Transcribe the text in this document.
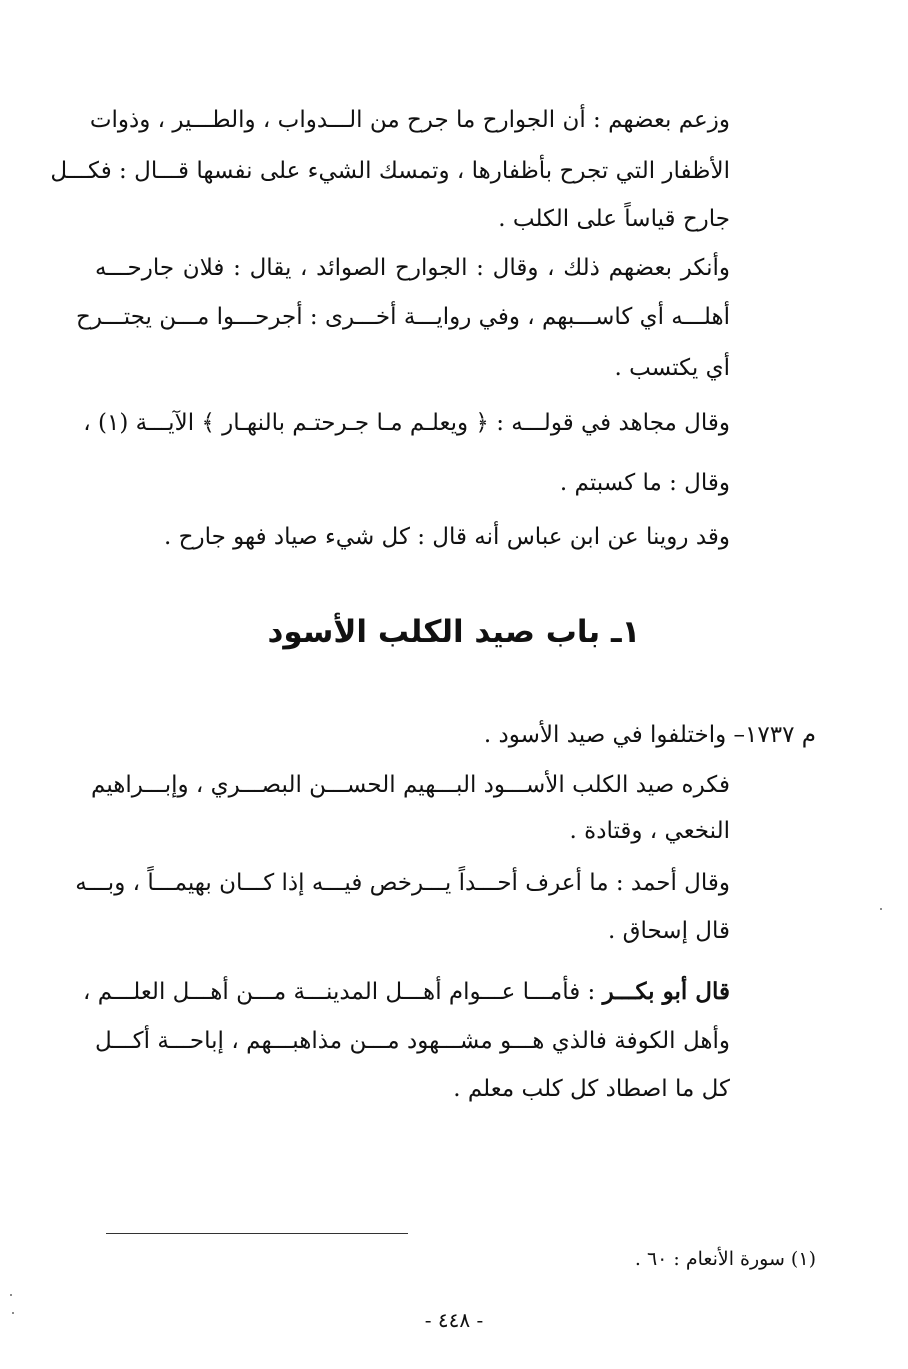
وزعم بعضهم : أن الجوارح ما جرح من الـــدواب ، والطـــير ، وذوات
الأظفار التي تجرح بأظفارها ، وتمسك الشيء على نفسها قـــال : فكـــل
جارح قياساً على الكلب .
وأنكر بعضهم ذلك ، وقال : الجوارح الصوائد ، يقال : فلان جارحـــه
أهلـــه أي كاســـبهم ، وفي روايـــة أخـــرى : أجرحـــوا مـــن يجتـــرح
أي يكتسب .
وقال مجاهد في قولـــه : ﴿ ويعلـم مـا جـرحتـم بالنهـار ﴾ الآيـــة (١) ،
وقال : ما كسبتم .
وقد روينا عن ابن عباس أنه قال : كل شيء صياد فهو جارح .
١ـ باب صيد الكلب الأسود
م ١٧٣٧– واختلفوا في صيد الأسود .
فكره صيد الكلب الأســـود البـــهيم الحســـن البصـــري ، وإبـــراهيم
النخعي ، وقتادة .
وقال أحمد : ما أعرف أحـــداً يـــرخص فيـــه إذا كـــان بهيمـــاً ، وبـــه
قال إسحاق .
قال أبو بكـــر : فأمـــا عـــوام أهـــل المدينـــة مـــن أهـــل العلـــم ،
وأهل الكوفة فالذي هـــو مشـــهود مـــن مذاهبـــهم ، إباحـــة أكـــل
كل ما اصطاد كل كلب معلم .
(١) سورة الأنعام : ٦٠ .
- ٤٤٨ -
